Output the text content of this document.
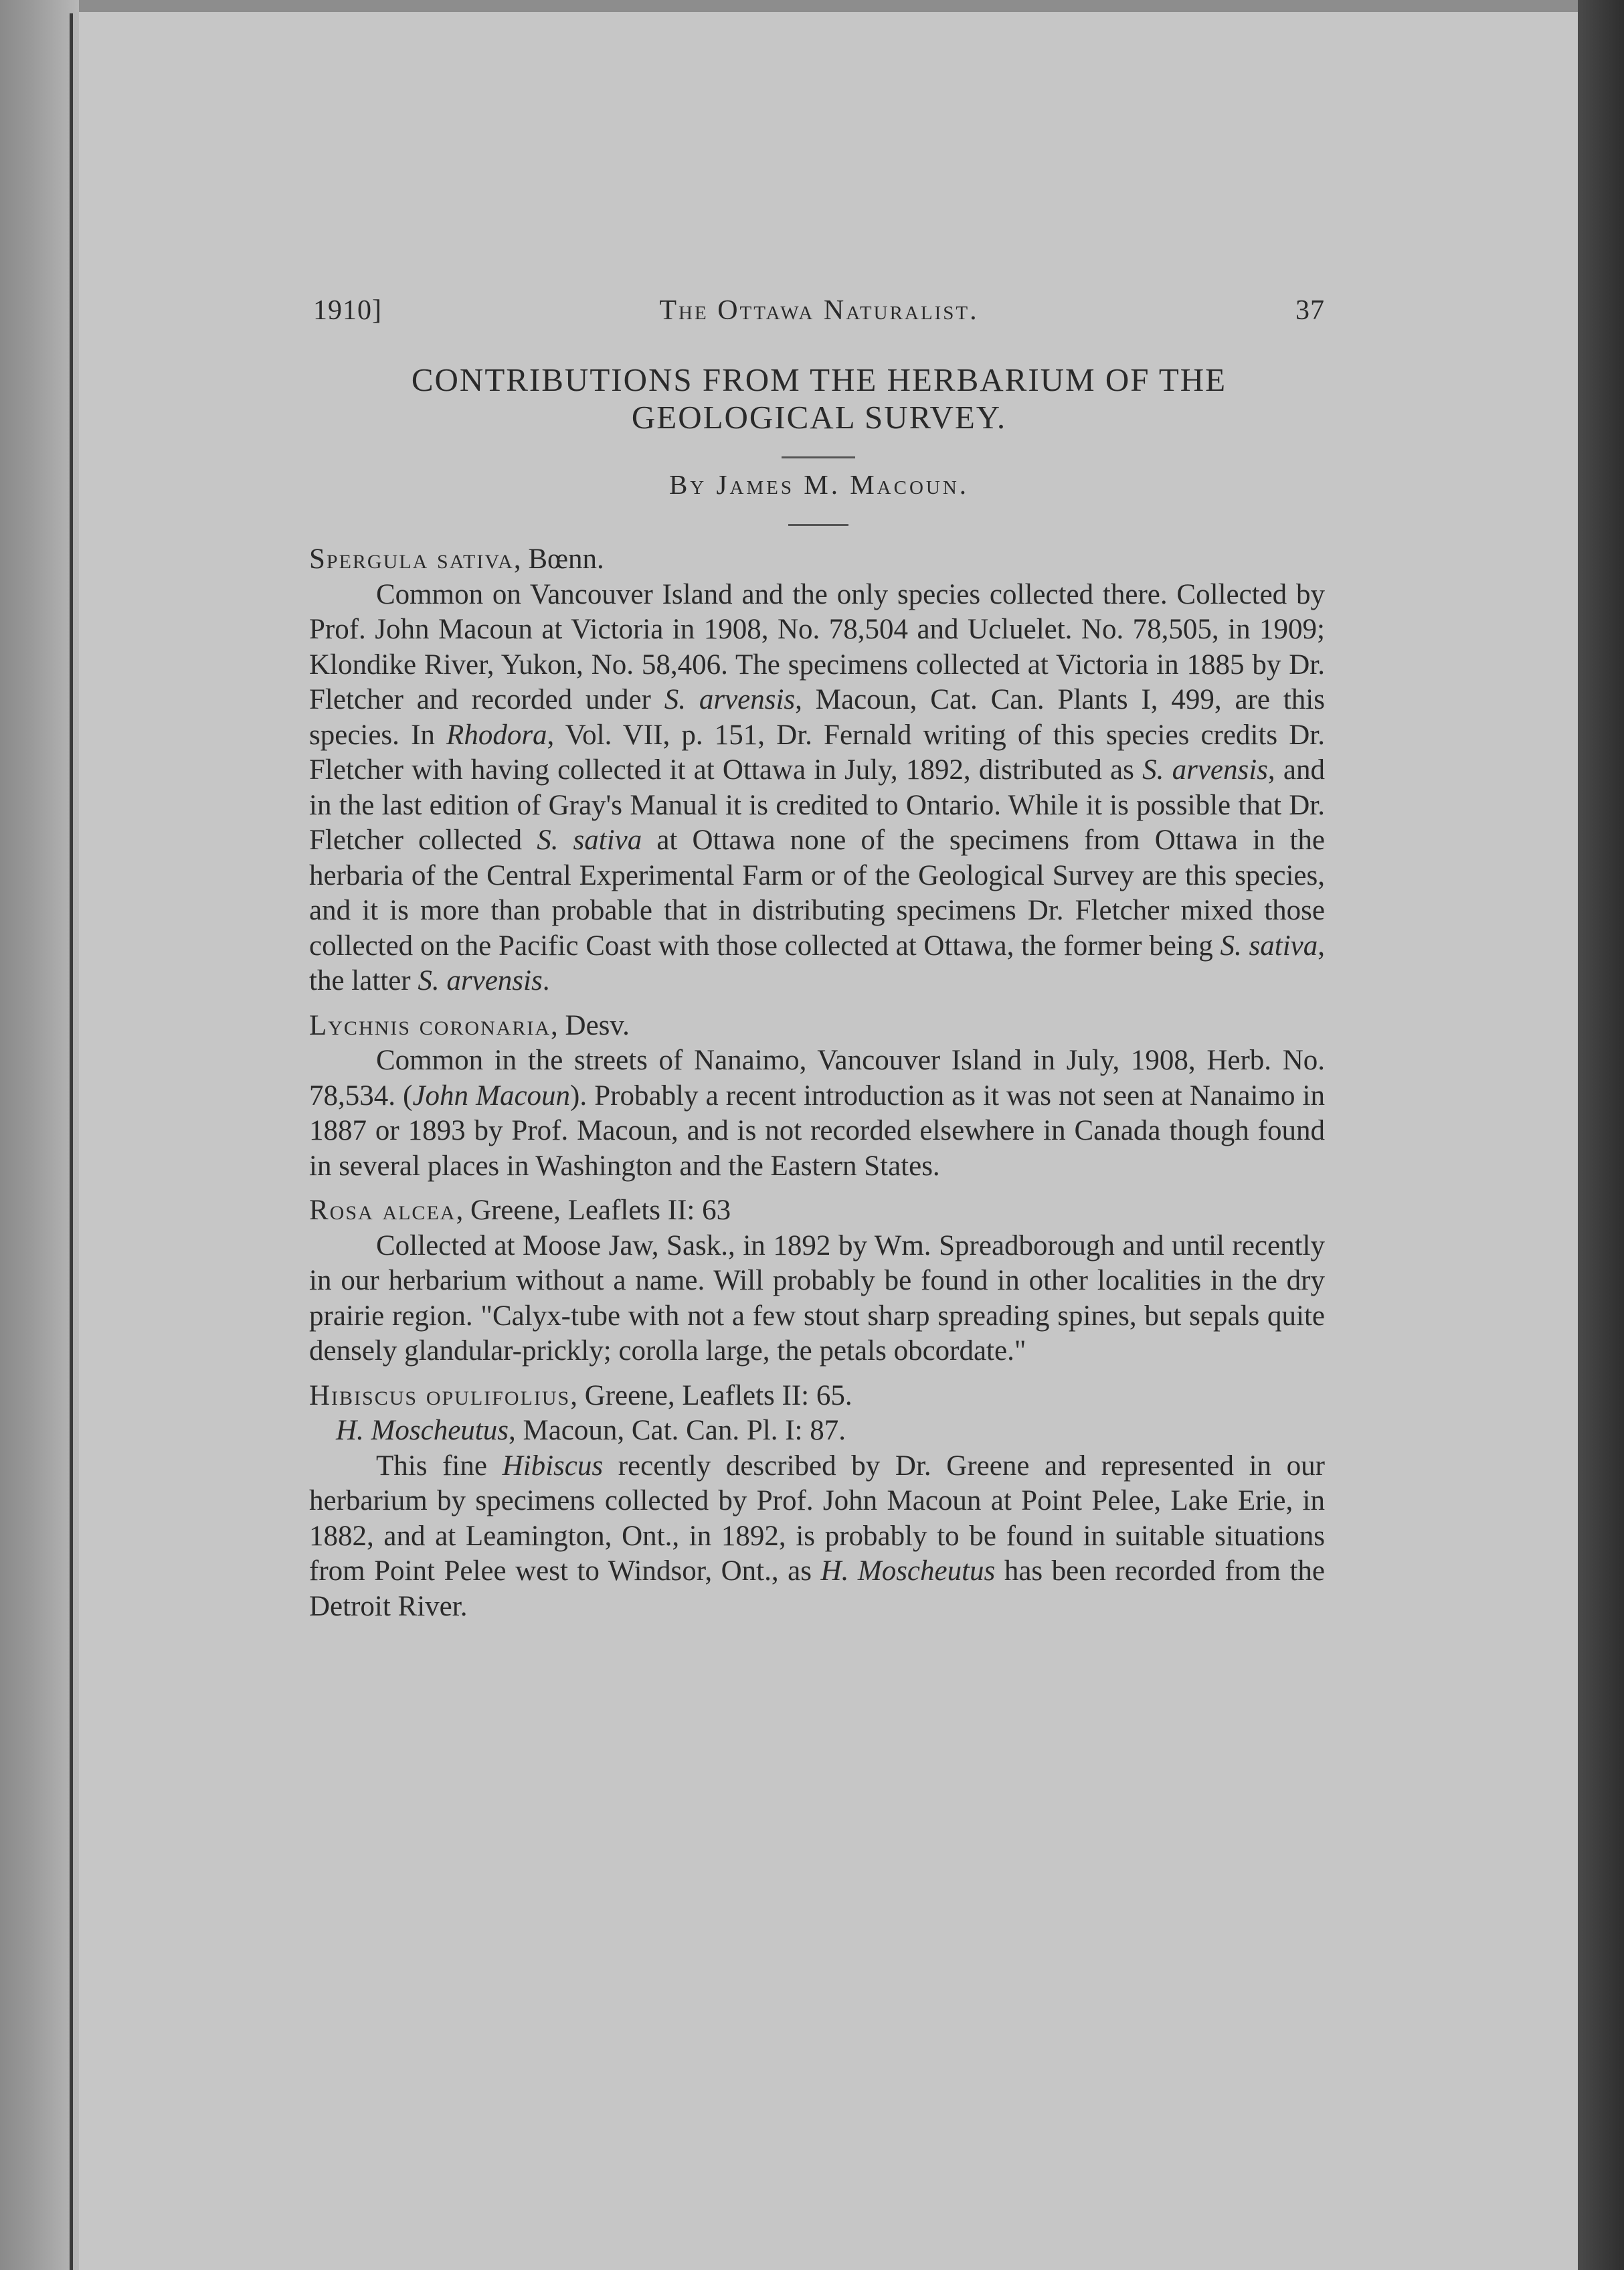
1910]	The Ottawa Naturalist.	37
CONTRIBUTIONS FROM THE HERBARIUM OF THE
GEOLOGICAL SURVEY.
By James M. Macoun.

Spergula sativa, Bœnn.

Common on Vancouver Island and the only species collected there. Collected by Prof. John Macoun at Victoria in 1908, No. 78,504 and Ucluelet. No. 78,505, in 1909; Klondike River, Yukon, No. 58,406. The specimens collected at Victoria in 1885 by Dr. Fletcher and recorded under S. arvensis, Macoun, Cat. Can. Plants I, 499, are this species. In Rhodora, Vol. VII, p. 151, Dr. Fernald writing of this species credits Dr. Fletcher with having collected it at Ottawa in July, 1892, distributed as S. arvensis, and in the last edition of Gray's Manual it is credited to Ontario. While it is possible that Dr. Fletcher collected S. sativa at Ottawa none of the specimens from Ottawa in the herbaria of the Central Experimental Farm or of the Geological Survey are this species, and it is more than probable that in distributing specimens Dr. Fletcher mixed those collected on the Pacific Coast with those collected at Ottawa, the former being S. sativa, the latter S. arvensis.

Lychnis coronaria, Desv.

Common in the streets of Nanaimo, Vancouver Island in July, 1908, Herb. No. 78,534. (John Macoun). Probably a recent introduction as it was not seen at Nanaimo in 1887 or 1893 by Prof. Macoun, and is not recorded elsewhere in Canada though found in several places in Washington and the Eastern States.

Rosa alcea, Greene, Leaflets II: 63

Collected at Moose Jaw, Sask., in 1892 by Wm. Spreadborough and until recently in our herbarium without a name. Will probably be found in other localities in the dry prairie region. "Calyx-tube with not a few stout sharp spreading spines, but sepals quite densely glandular-prickly; corolla large, the petals obcordate."

Hibiscus opulifolius, Greene, Leaflets II: 65.

H. Moscheutus, Macoun, Cat. Can. Pl. I: 87.

This fine Hibiscus recently described by Dr. Greene and represented in our herbarium by specimens collected by Prof. John Macoun at Point Pelee, Lake Erie, in 1882, and at Leamington, Ont., in 1892, is probably to be found in suitable situations from Point Pelee west to Windsor, Ont., as H. Moscheutus has been recorded from the Detroit River.
